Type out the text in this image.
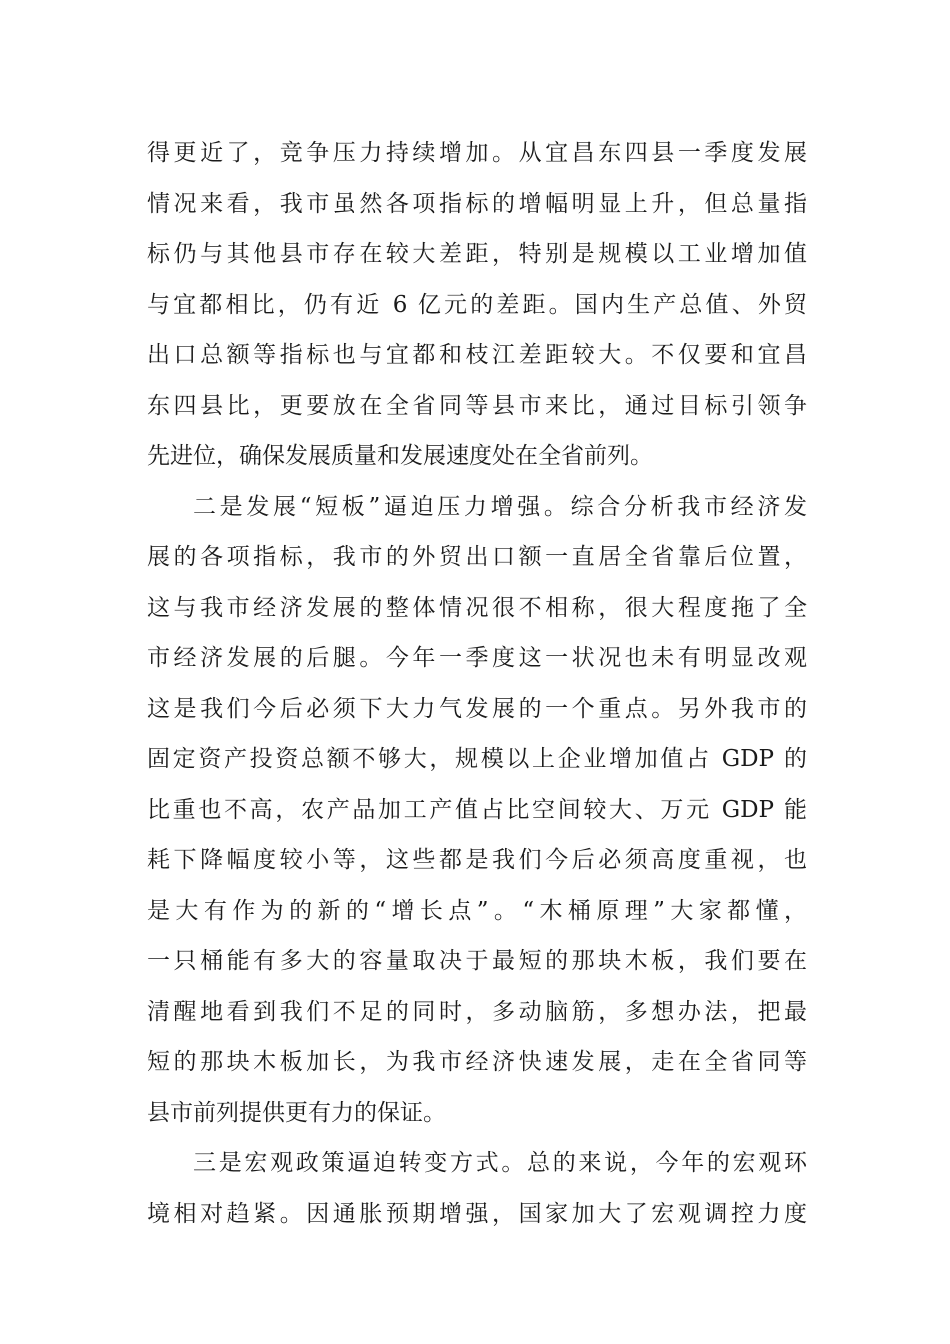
得更近了，竞争压力持续增加。从宜昌东四县一季度发展
情况来看，我市虽然各项指标的增幅明显上升，但总量指
标仍与其他县市存在较大差距，特别是规模以工业增加值
与宜都相比，仍有近 6 亿元的差距。国内生产总值、外贸
出口总额等指标也与宜都和枝江差距较大。不仅要和宜昌
东四县比，更要放在全省同等县市来比，通过目标引领争
先进位，确保发展质量和发展速度处在全省前列。
二是发展“短板”逼迫压力增强。综合分析我市经济发
展的各项指标，我市的外贸出口额一直居全省靠后位置，
这与我市经济发展的整体情况很不相称，很大程度拖了全
市经济发展的后腿。今年一季度这一状况也未有明显改观
这是我们今后必须下大力气发展的一个重点。另外我市的
固定资产投资总额不够大，规模以上企业增加值占 GDP 的
比重也不高，农产品加工产值占比空间较大、万元 GDP 能
耗下降幅度较小等，这些都是我们今后必须高度重视，也
是大有作为的新的“增长点”。“木桶原理”大家都懂，
一只桶能有多大的容量取决于最短的那块木板，我们要在
清醒地看到我们不足的同时，多动脑筋，多想办法，把最
短的那块木板加长，为我市经济快速发展，走在全省同等
县市前列提供更有力的保证。
三是宏观政策逼迫转变方式。总的来说，今年的宏观环
境相对趋紧。因通胀预期增强，国家加大了宏观调控力度
